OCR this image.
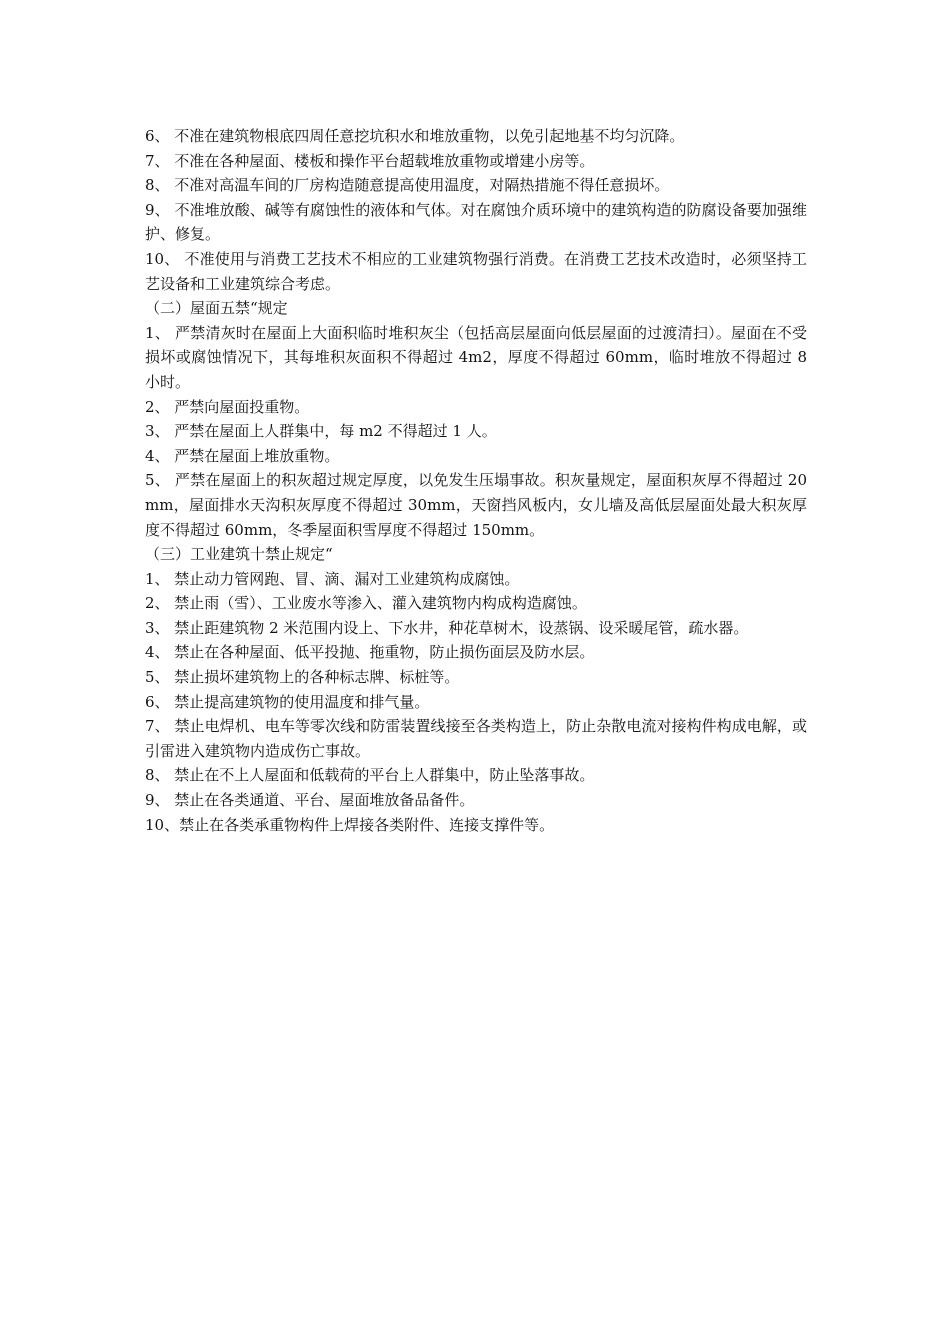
6、 不准在建筑物根底四周任意挖坑积水和堆放重物，以免引起地基不均匀沉降。

7、 不准在各种屋面、楼板和操作平台超载堆放重物或增建小房等。

8、 不准对高温车间的厂房构造随意提高使用温度，对隔热措施不得任意损坏。

9、 不准堆放酸、碱等有腐蚀性的液体和气体。对在腐蚀介质环境中的建筑构造的防腐设备要加强维护、修复。

10、 不准使用与消费工艺技术不相应的工业建筑物强行消费。在消费工艺技术改造时，必须坚持工艺设备和工业建筑综合考虑。

（二）屋面五禁“规定

1、 严禁清灰时在屋面上大面积临时堆积灰尘（包括高层屋面向低层屋面的过渡清扫）。屋面在不受损坏或腐蚀情况下，其每堆积灰面积不得超过 4m2，厚度不得超过 60mm，临时堆放不得超过 8 小时。

2、 严禁向屋面投重物。

3、 严禁在屋面上人群集中，每 m2 不得超过 1 人。

4、 严禁在屋面上堆放重物。

5、 严禁在屋面上的积灰超过规定厚度，以免发生压塌事故。积灰量规定，屋面积灰厚不得超过 20mm，屋面排水天沟积灰厚度不得超过 30mm，天窗挡风板内，女儿墙及高低层屋面处最大积灰厚度不得超过 60mm，冬季屋面积雪厚度不得超过 150mm。

（三）工业建筑十禁止规定“

1、 禁止动力管网跑、冒、滴、漏对工业建筑构成腐蚀。

2、 禁止雨（雪）、工业废水等渗入、灌入建筑物内构成构造腐蚀。

3、 禁止距建筑物 2 米范围内设上、下水井，种花草树木，设蒸锅、设采暖尾管，疏水器。

4、 禁止在各种屋面、低平投抛、拖重物，防止损伤面层及防水层。

5、 禁止损坏建筑物上的各种标志牌、标桩等。

6、 禁止提高建筑物的使用温度和排气量。

7、 禁止电焊机、电车等零次线和防雷装置线接至各类构造上，防止杂散电流对接构件构成电解，或引雷进入建筑物内造成伤亡事故。

8、 禁止在不上人屋面和低载荷的平台上人群集中，防止坠落事故。

9、 禁止在各类通道、平台、屋面堆放备品备件。

10、禁止在各类承重物构件上焊接各类附件、连接支撑件等。
